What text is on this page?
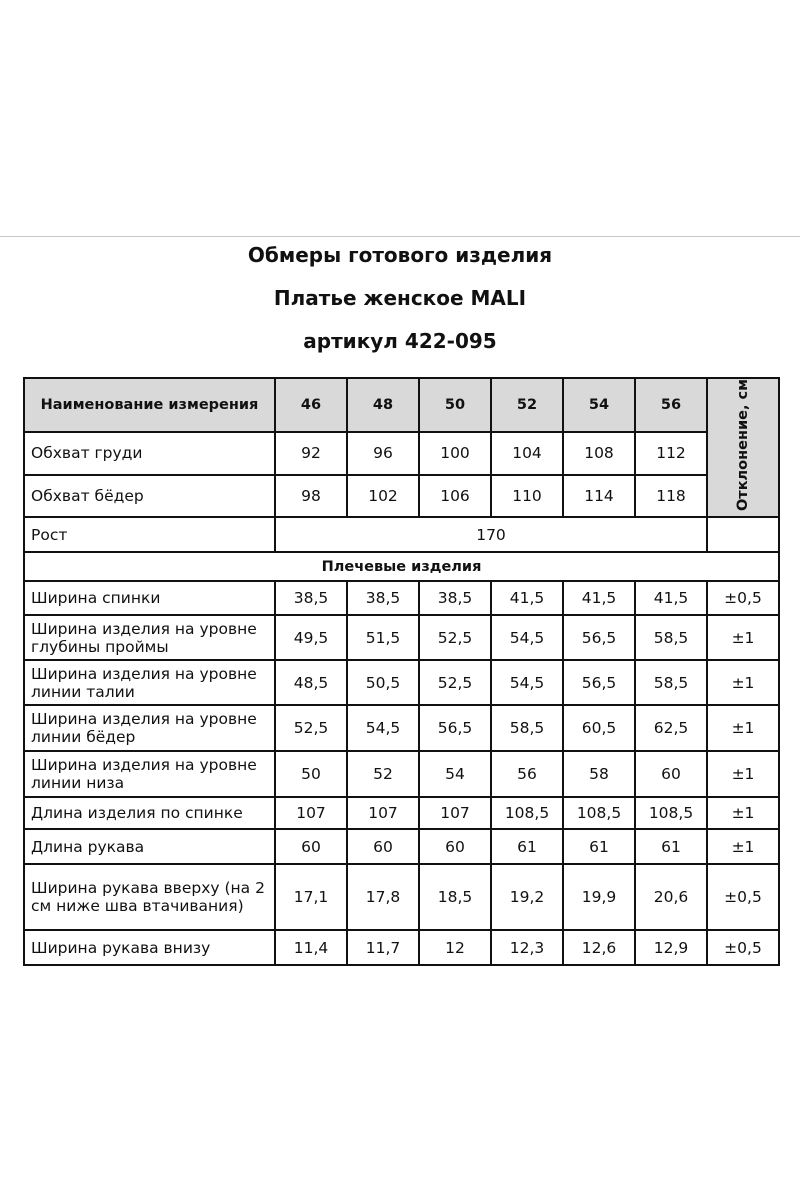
Обмеры готового изделия
Платье женское MALI
артикул 422-095
Наименование измерения	46	48	50	52	54	56	Отклонение, см
Обхват груди	92	96	100	104	108	112	
Обхват бёдер	98	102	106	110	114	118	
Рост	170						
Плечевые изделия							
Ширина спинки	38,5	38,5	38,5	41,5	41,5	41,5	±0,5
Ширина изделия на уровне глубины проймы	49,5	51,5	52,5	54,5	56,5	58,5	±1
Ширина изделия на уровне линии талии	48,5	50,5	52,5	54,5	56,5	58,5	±1
Ширина изделия на уровне линии бёдер	52,5	54,5	56,5	58,5	60,5	62,5	±1
Ширина изделия на уровне линии низа	50	52	54	56	58	60	±1
Длина изделия по спинке	107	107	107	108,5	108,5	108,5	±1
Длина рукава	60	60	60	61	61	61	±1
Ширина рукава вверху (на 2 см ниже шва втачивания)	17,1	17,8	18,5	19,2	19,9	20,6	±0,5
Ширина рукава внизу	11,4	11,7	12	12,3	12,6	12,9	±0,5
